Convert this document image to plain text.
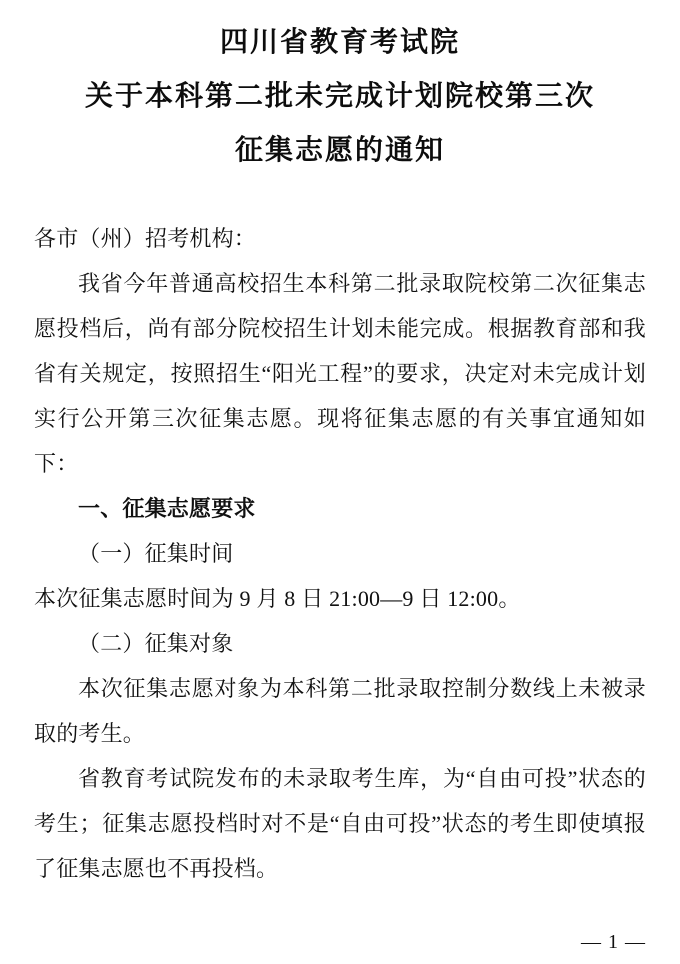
四川省教育考试院
关于本科第二批未完成计划院校第三次
征集志愿的通知

各市（州）招考机构：

我省今年普通高校招生本科第二批录取院校第二次征集志愿投档后，尚有部分院校招生计划未能完成。根据教育部和我省有关规定，按照招生“阳光工程”的要求，决定对未完成计划实行公开第三次征集志愿。现将征集志愿的有关事宜通知如下：

一、征集志愿要求

（一）征集时间

本次征集志愿时间为 9 月 8 日 21:00—9 日 12:00。

（二）征集对象

本次征集志愿对象为本科第二批录取控制分数线上未被录取的考生。

省教育考试院发布的未录取考生库，为“自由可投”状态的考生；征集志愿投档时对不是“自由可投”状态的考生即使填报了征集志愿也不再投档。

— 1 —
